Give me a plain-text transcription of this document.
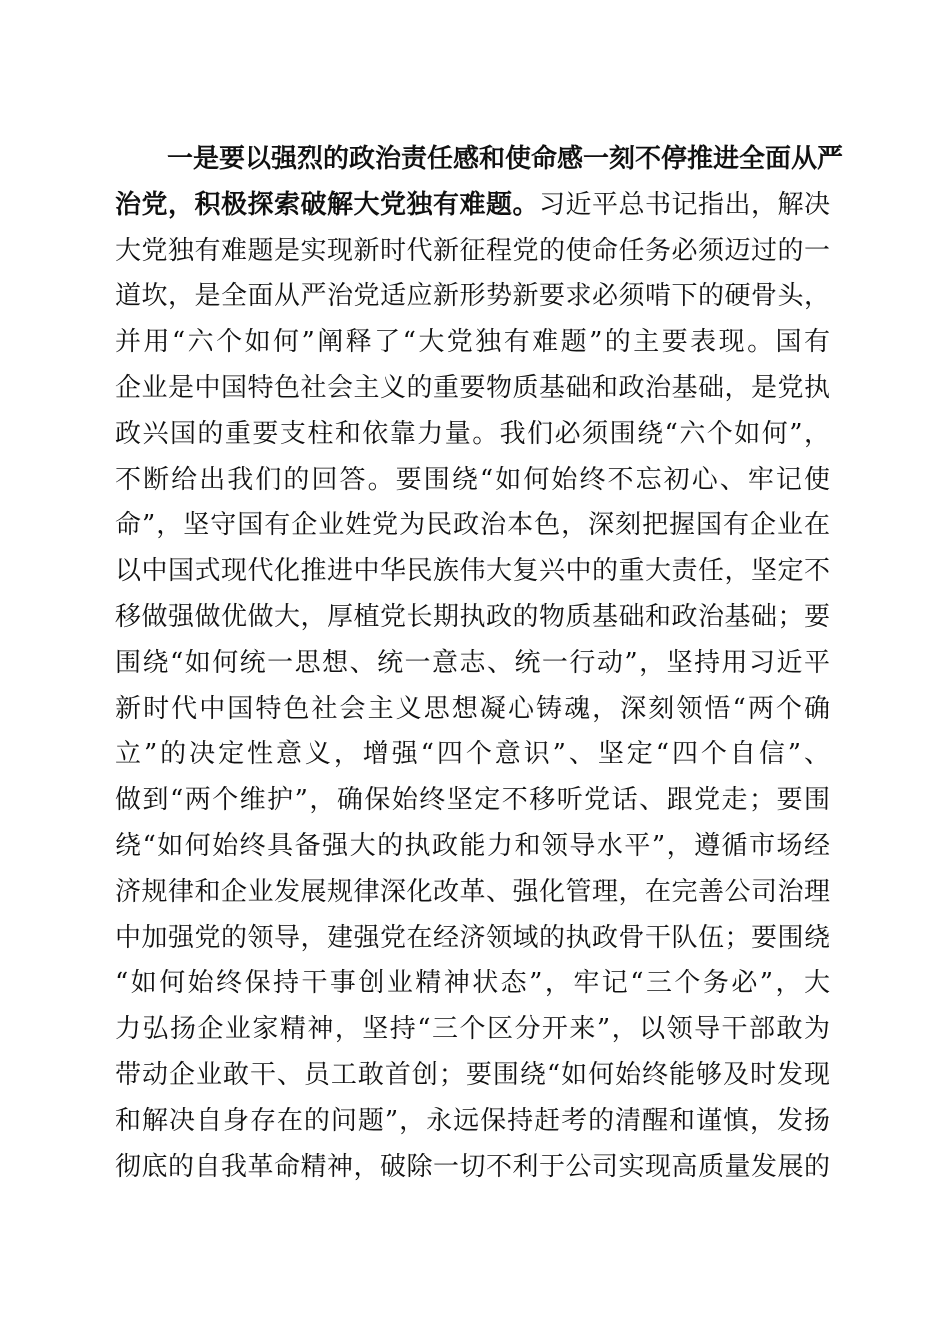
一是要以强烈的政治责任感和使命感一刻不停推进全面从严
治党，积极探索破解大党独有难题。习近平总书记指出，解决
大党独有难题是实现新时代新征程党的使命任务必须迈过的一
道坎，是全面从严治党适应新形势新要求必须啃下的硬骨头，
并用“六个如何”阐释了“大党独有难题”的主要表现。国有
企业是中国特色社会主义的重要物质基础和政治基础，是党执
政兴国的重要支柱和依靠力量。我们必须围绕“六个如何”，
不断给出我们的回答。要围绕“如何始终不忘初心、牢记使
命”，坚守国有企业姓党为民政治本色，深刻把握国有企业在
以中国式现代化推进中华民族伟大复兴中的重大责任，坚定不
移做强做优做大，厚植党长期执政的物质基础和政治基础；要
围绕“如何统一思想、统一意志、统一行动”，坚持用习近平
新时代中国特色社会主义思想凝心铸魂，深刻领悟“两个确
立”的决定性意义，增强“四个意识”、坚定“四个自信”、
做到“两个维护”，确保始终坚定不移听党话、跟党走；要围
绕“如何始终具备强大的执政能力和领导水平”，遵循市场经
济规律和企业发展规律深化改革、强化管理，在完善公司治理
中加强党的领导，建强党在经济领域的执政骨干队伍；要围绕
“如何始终保持干事创业精神状态”，牢记“三个务必”，大
力弘扬企业家精神，坚持“三个区分开来”，以领导干部敢为
带动企业敢干、员工敢首创；要围绕“如何始终能够及时发现
和解决自身存在的问题”，永远保持赶考的清醒和谨慎，发扬
彻底的自我革命精神，破除一切不利于公司实现高质量发展的
